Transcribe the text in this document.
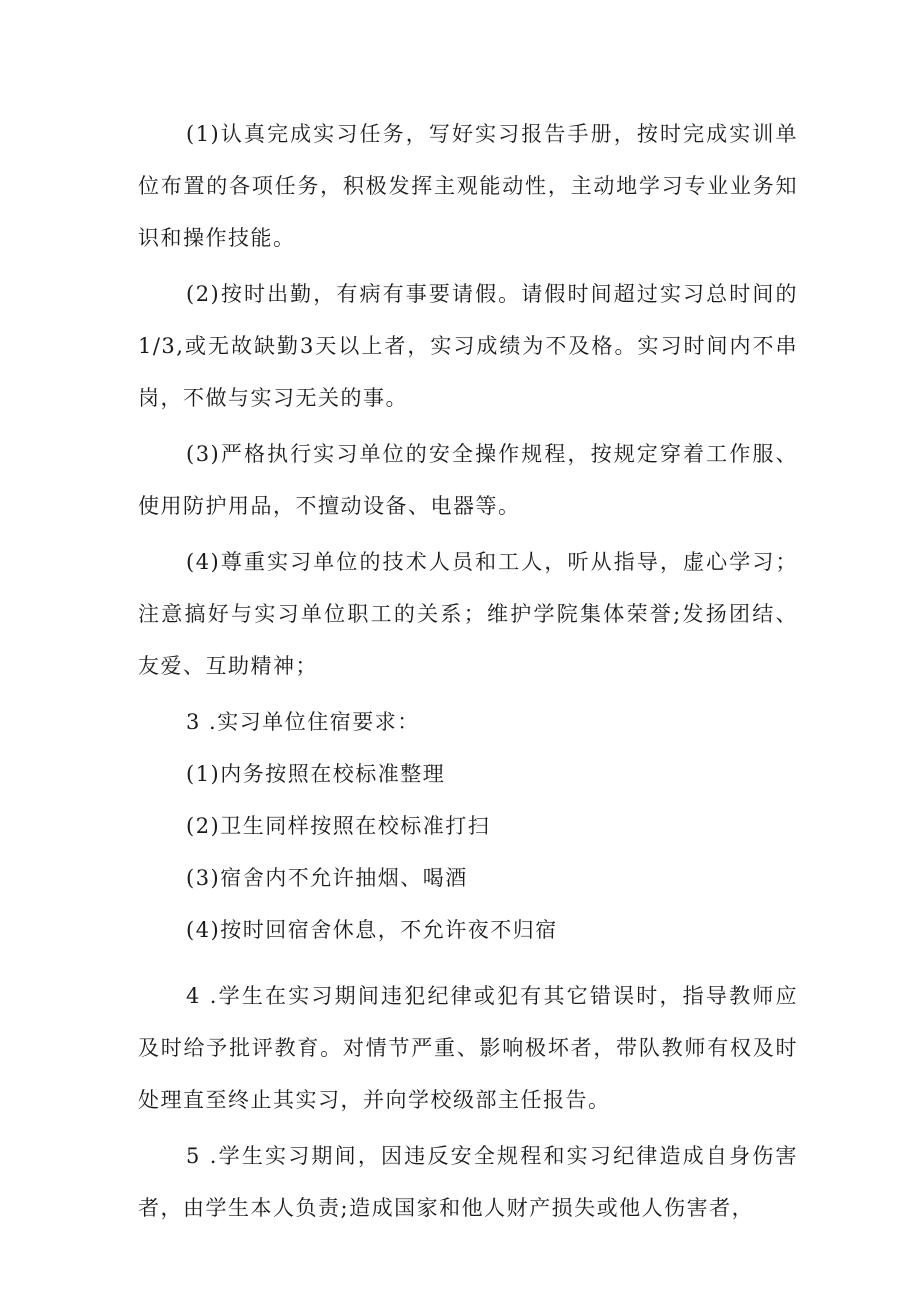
(1)认真完成实习任务，写好实习报告手册，按时完成实训单位布置的各项任务，积极发挥主观能动性，主动地学习专业业务知识和操作技能。

(2)按时出勤，有病有事要请假。请假时间超过实习总时间的1/3,或无故缺勤3天以上者，实习成绩为不及格。实习时间内不串岗，不做与实习无关的事。

(3)严格执行实习单位的安全操作规程，按规定穿着工作服、使用防护用品，不擅动设备、电器等。

(4)尊重实习单位的技术人员和工人，听从指导，虚心学习；注意搞好与实习单位职工的关系；维护学院集体荣誉;发扬团结、友爱、互助精神；

3 .实习单位住宿要求：

(1)内务按照在校标准整理

(2)卫生同样按照在校标准打扫

(3)宿舍内不允许抽烟、喝酒

(4)按时回宿舍休息，不允许夜不归宿

4 .学生在实习期间违犯纪律或犯有其它错误时，指导教师应及时给予批评教育。对情节严重、影响极坏者，带队教师有权及时处理直至终止其实习，并向学校级部主任报告。

5 .学生实习期间，因违反安全规程和实习纪律造成自身伤害者，由学生本人负责;造成国家和他人财产损失或他人伤害者，
